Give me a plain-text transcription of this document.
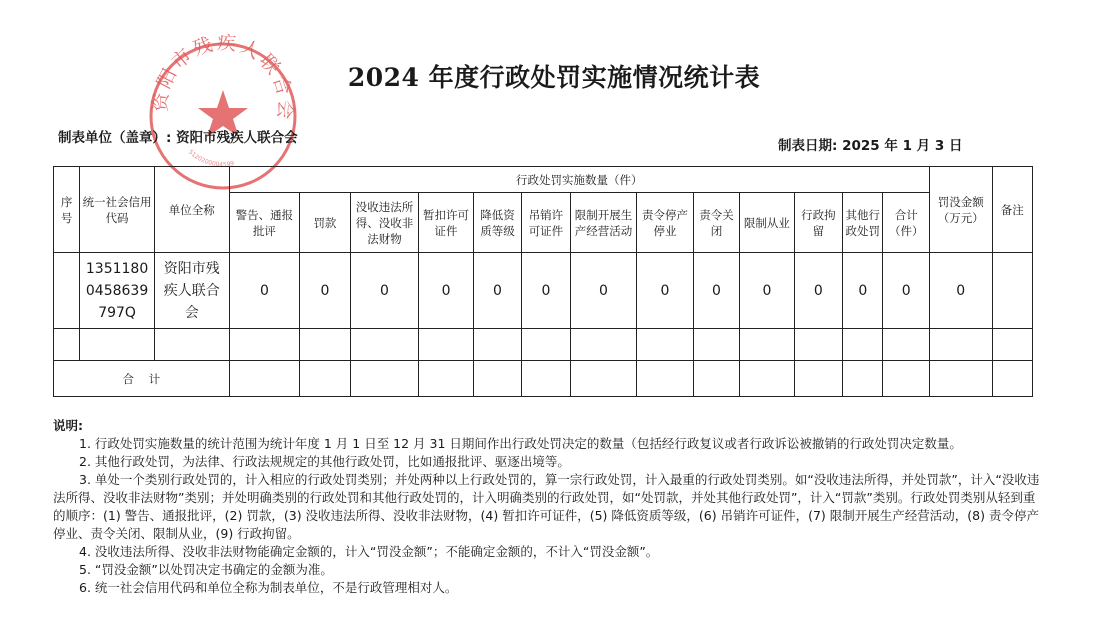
资阳市残疾人联合会
5120200004599
2024 年度行政处罚实施情况统计表
制表单位（盖章）: 资阳市残疾人联合会	制表日期: 2025 年 1 月 3 日
序号	统一社会信用代码	单位全称	行政处罚实施数量（件）													罚没金额（万元）	备注
			警告、通报批评	罚款	没收违法所得、没收非法财物	暂扣许可证件	降低资质等级	吊销许可证件	限制开展生产经营活动	责令停产停业	责令关闭	限制从业	行政拘留	其他行政处罚	合计（件）		
	13511800458639797Q	资阳市残疾人联合会	0	0	0	0	0	0	0	0	0	0	0	0	0	0	

合    计																	

说明:

1. 行政处罚实施数量的统计范围为统计年度 1 月 1 日至 12 月 31 日期间作出行政处罚决定的数量（包括经行政复议或者行政诉讼被撤销的行政处罚决定数量。

2. 其他行政处罚，为法律、行政法规规定的其他行政处罚，比如通报批评、驱逐出境等。

3. 单处一个类别行政处罚的，计入相应的行政处罚类别；并处两种以上行政处罚的，算一宗行政处罚，计入最重的行政处罚类别。如“没收违法所得，并处罚款”，计入“没收违法所得、没收非法财物”类别；并处明确类别的行政处罚和其他行政处罚的，计入明确类别的行政处罚，如“处罚款，并处其他行政处罚”，计入“罚款”类别。行政处罚类别从轻到重的顺序：(1) 警告、通报批评，(2) 罚款，(3) 没收违法所得、没收非法财物，(4) 暂扣许可证件，(5) 降低资质等级，(6) 吊销许可证件，(7) 限制开展生产经营活动，(8) 责令停产停业、责令关闭、限制从业，(9) 行政拘留。

4. 没收违法所得、没收非法财物能确定金额的，计入“罚没金额”；不能确定金额的，不计入“罚没金额”。

5. “罚没金额”以处罚决定书确定的金额为准。

6. 统一社会信用代码和单位全称为制表单位，不是行政管理相对人。
